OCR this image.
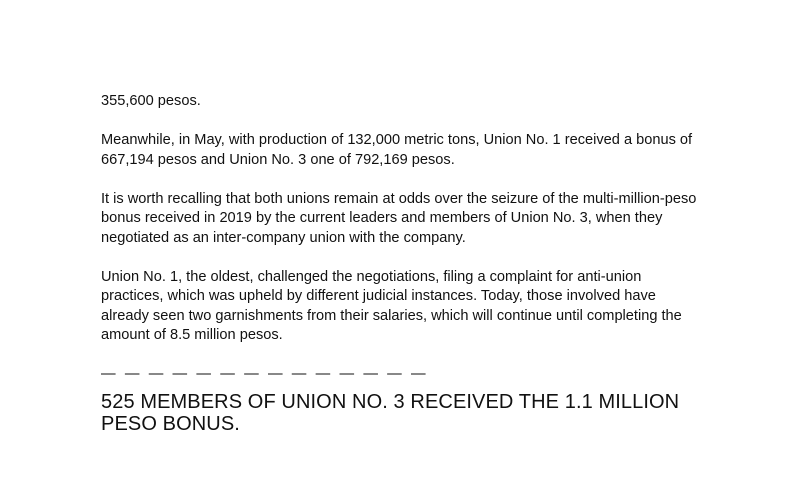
355,600 pesos.

Meanwhile, in May, with production of 132,000 metric tons, Union No. 1 received a bonus of 667,194 pesos and Union No. 3 one of 792,169 pesos.

It is worth recalling that both unions remain at odds over the seizure of the multi-million-peso bonus received in 2019 by the current leaders and members of Union No. 3, when they negotiated as an inter-company union with the company.

Union No. 1, the oldest, challenged the negotiations, filing a complaint for anti-union practices, which was upheld by different judicial instances. Today, those involved have already seen two garnishments from their salaries, which will continue until completing the amount of 8.5 million pesos.

— — — — — — — — — — — — — —
525 MEMBERS OF UNION NO. 3 RECEIVED THE 1.1 MILLION PESO BONUS.
